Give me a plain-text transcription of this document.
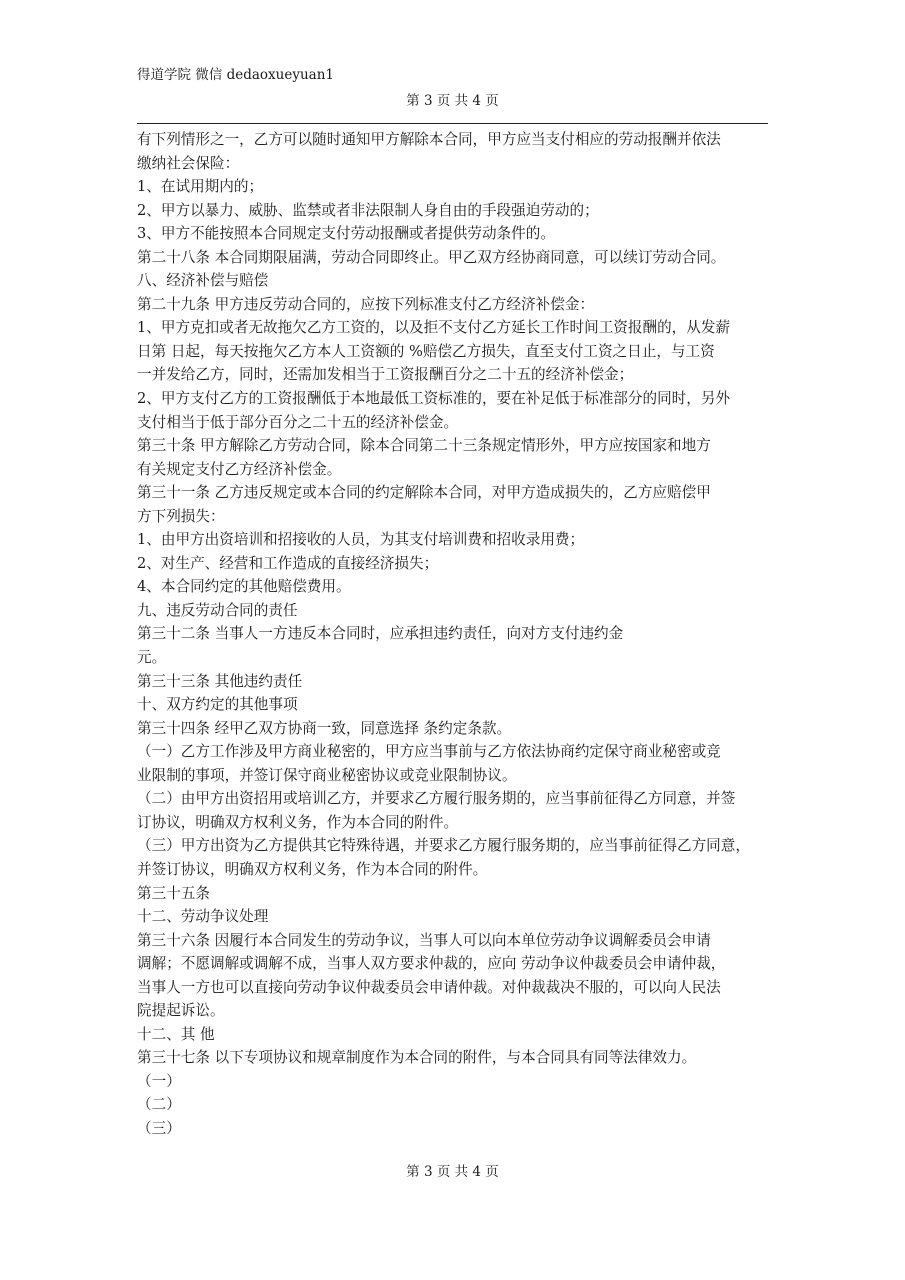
得道学院 微信 dedaoxueyuan1
第 3 页 共 4 页
有下列情形之一，乙方可以随时通知甲方解除本合同，甲方应当支付相应的劳动报酬并依法
缴纳社会保险：
1、在试用期内的；
2、甲方以暴力、威胁、监禁或者非法限制人身自由的手段强迫劳动的；
3、甲方不能按照本合同规定支付劳动报酬或者提供劳动条件的。
第二十八条 本合同期限届满，劳动合同即终止。甲乙双方经协商同意，可以续订劳动合同。
八、经济补偿与赔偿
第二十九条 甲方违反劳动合同的，应按下列标准支付乙方经济补偿金：
1、甲方克扣或者无故拖欠乙方工资的，以及拒不支付乙方延长工作时间工资报酬的，从发薪
日第 日起，每天按拖欠乙方本人工资额的 %赔偿乙方损失，直至支付工资之日止，与工资
一并发给乙方，同时，还需加发相当于工资报酬百分之二十五的经济补偿金；
2、甲方支付乙方的工资报酬低于本地最低工资标准的，要在补足低于标准部分的同时，另外
支付相当于低于部分百分之二十五的经济补偿金。
第三十条 甲方解除乙方劳动合同，除本合同第二十三条规定情形外，甲方应按国家和地方
有关规定支付乙方经济补偿金。
第三十一条 乙方违反规定或本合同的约定解除本合同，对甲方造成损失的，乙方应赔偿甲
方下列损失：
1、由甲方出资培训和招接收的人员，为其支付培训费和招收录用费；
2、对生产、经营和工作造成的直接经济损失；
4、本合同约定的其他赔偿费用。
九、违反劳动合同的责任
第三十二条 当事人一方违反本合同时，应承担违约责任，向对方支付违约金
元。
第三十三条 其他违约责任
十、双方约定的其他事项
第三十四条 经甲乙双方协商一致，同意选择 条约定条款。
（一）乙方工作涉及甲方商业秘密的，甲方应当事前与乙方依法协商约定保守商业秘密或竞
业限制的事项，并签订保守商业秘密协议或竞业限制协议。
（二）由甲方出资招用或培训乙方，并要求乙方履行服务期的，应当事前征得乙方同意，并签
订协议，明确双方权利义务，作为本合同的附件。
（三）甲方出资为乙方提供其它特殊待遇，并要求乙方履行服务期的，应当事前征得乙方同意，
并签订协议，明确双方权利义务，作为本合同的附件。
第三十五条
十二、劳动争议处理
第三十六条 因履行本合同发生的劳动争议，当事人可以向本单位劳动争议调解委员会申请
调解；不愿调解或调解不成，当事人双方要求仲裁的，应向 劳动争议仲裁委员会申请仲裁，
当事人一方也可以直接向劳动争议仲裁委员会申请仲裁。对仲裁裁决不服的，可以向人民法
院提起诉讼。
十二、其 他
第三十七条 以下专项协议和规章制度作为本合同的附件，与本合同具有同等法律效力。
（一）
（二）
（三）
第 3 页 共 4 页
